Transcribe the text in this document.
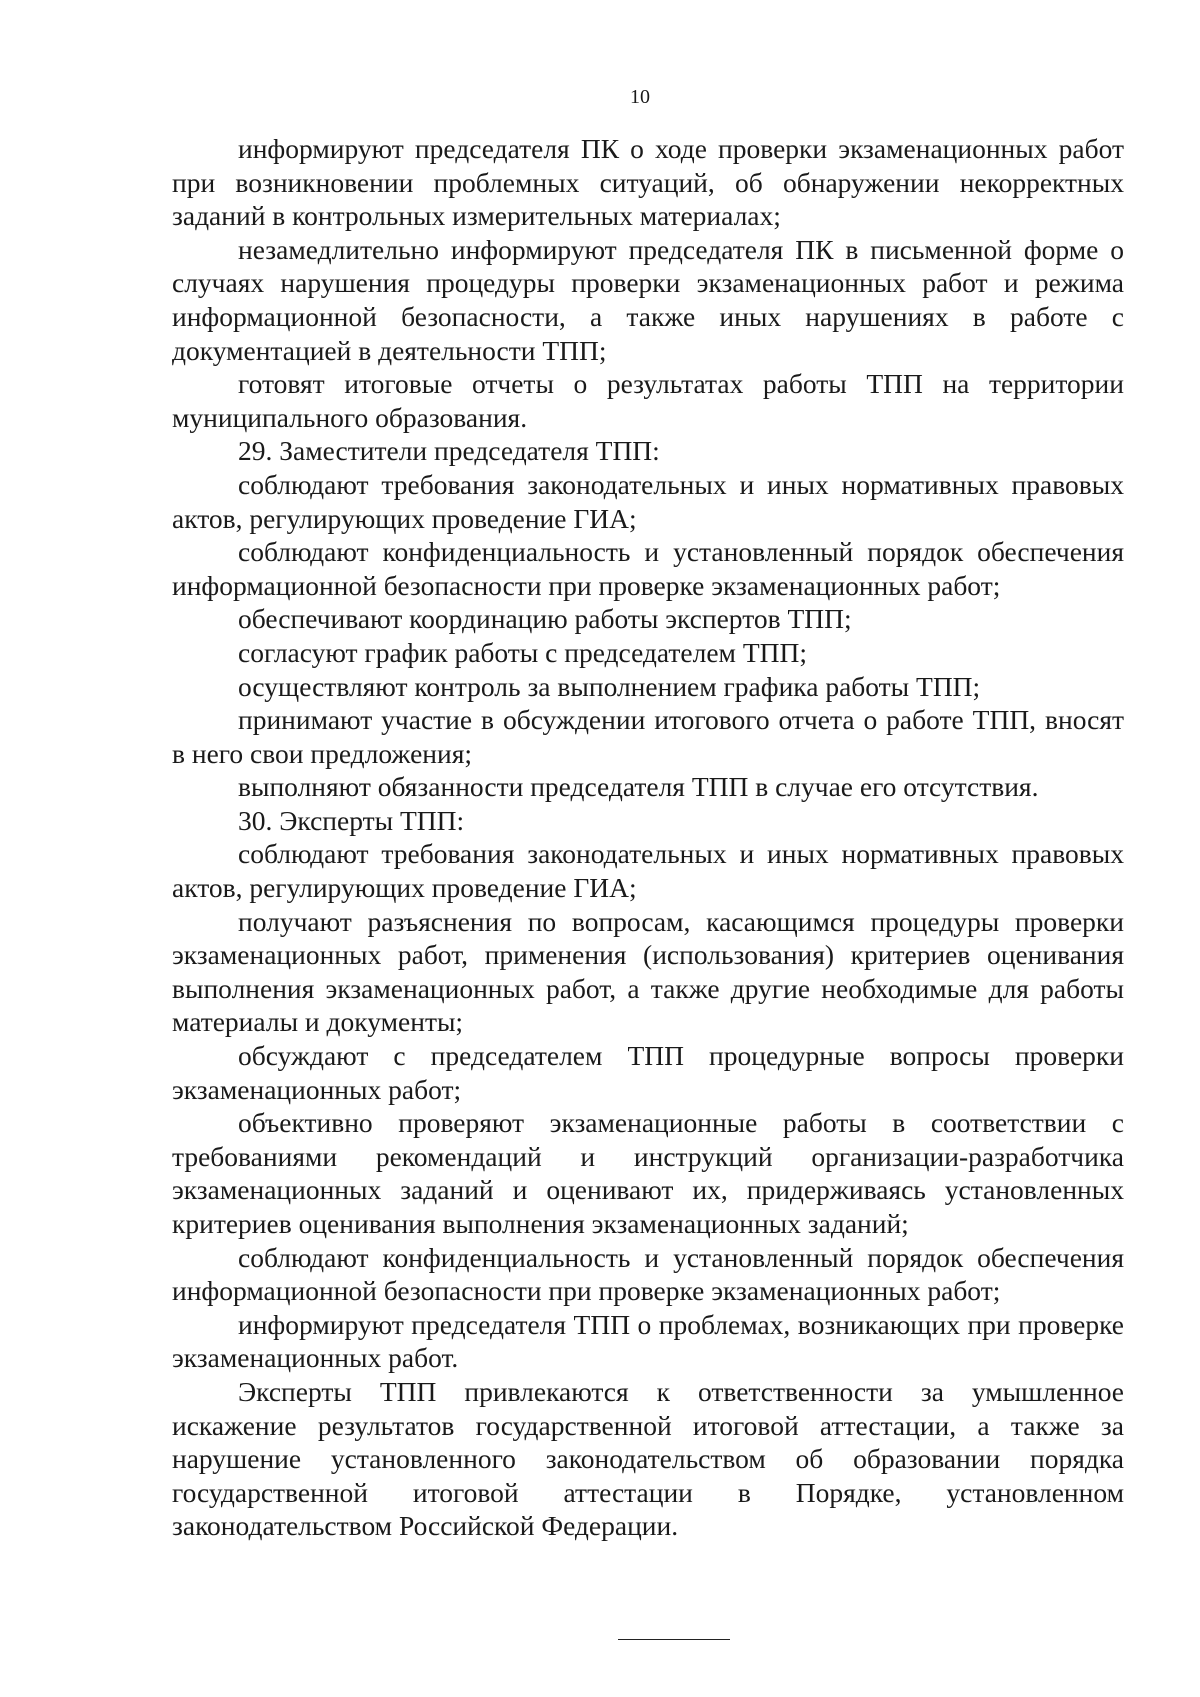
10

информируют председателя ПК о ходе проверки экзаменационных работ при возникновении проблемных ситуаций, об обнаружении некорректных заданий в контрольных измерительных материалах;

незамедлительно информируют председателя ПК в письменной форме о случаях нарушения процедуры проверки экзаменационных работ и режима информационной безопасности, а также иных нарушениях в работе с документацией в деятельности ТПП;

готовят итоговые отчеты о результатах работы ТПП на территории муниципального образования.

29. Заместители председателя ТПП:

соблюдают требования законодательных и иных нормативных правовых актов, регулирующих проведение ГИА;

соблюдают конфиденциальность и установленный порядок обеспечения информационной безопасности при проверке экзаменационных работ;

обеспечивают координацию работы экспертов ТПП;

согласуют график работы с председателем ТПП;

осуществляют контроль за выполнением графика работы ТПП;

принимают участие в обсуждении итогового отчета о работе ТПП, вносят в него свои предложения;

выполняют обязанности председателя ТПП в случае его отсутствия.

30. Эксперты ТПП:

соблюдают требования законодательных и иных нормативных правовых актов, регулирующих проведение ГИА;

получают разъяснения по вопросам, касающимся процедуры проверки экзаменационных работ, применения (использования) критериев оценивания выполнения экзаменационных работ, а также другие необходимые для работы материалы и документы;

обсуждают с председателем ТПП процедурные вопросы проверки экзаменационных работ;

объективно проверяют экзаменационные работы в соответствии с требованиями рекомендаций и инструкций организации-разработчика экзаменационных заданий и оценивают их, придерживаясь установленных критериев оценивания выполнения экзаменационных заданий;

соблюдают конфиденциальность и установленный порядок обеспечения информационной безопасности при проверке экзаменационных работ;

информируют председателя ТПП о проблемах, возникающих при проверке экзаменационных работ.

Эксперты ТПП привлекаются к ответственности за умышленное искажение результатов государственной итоговой аттестации, а также за нарушение установленного законодательством об образовании порядка государственной итоговой аттестации в Порядке, установленном законодательством Российской Федерации.
